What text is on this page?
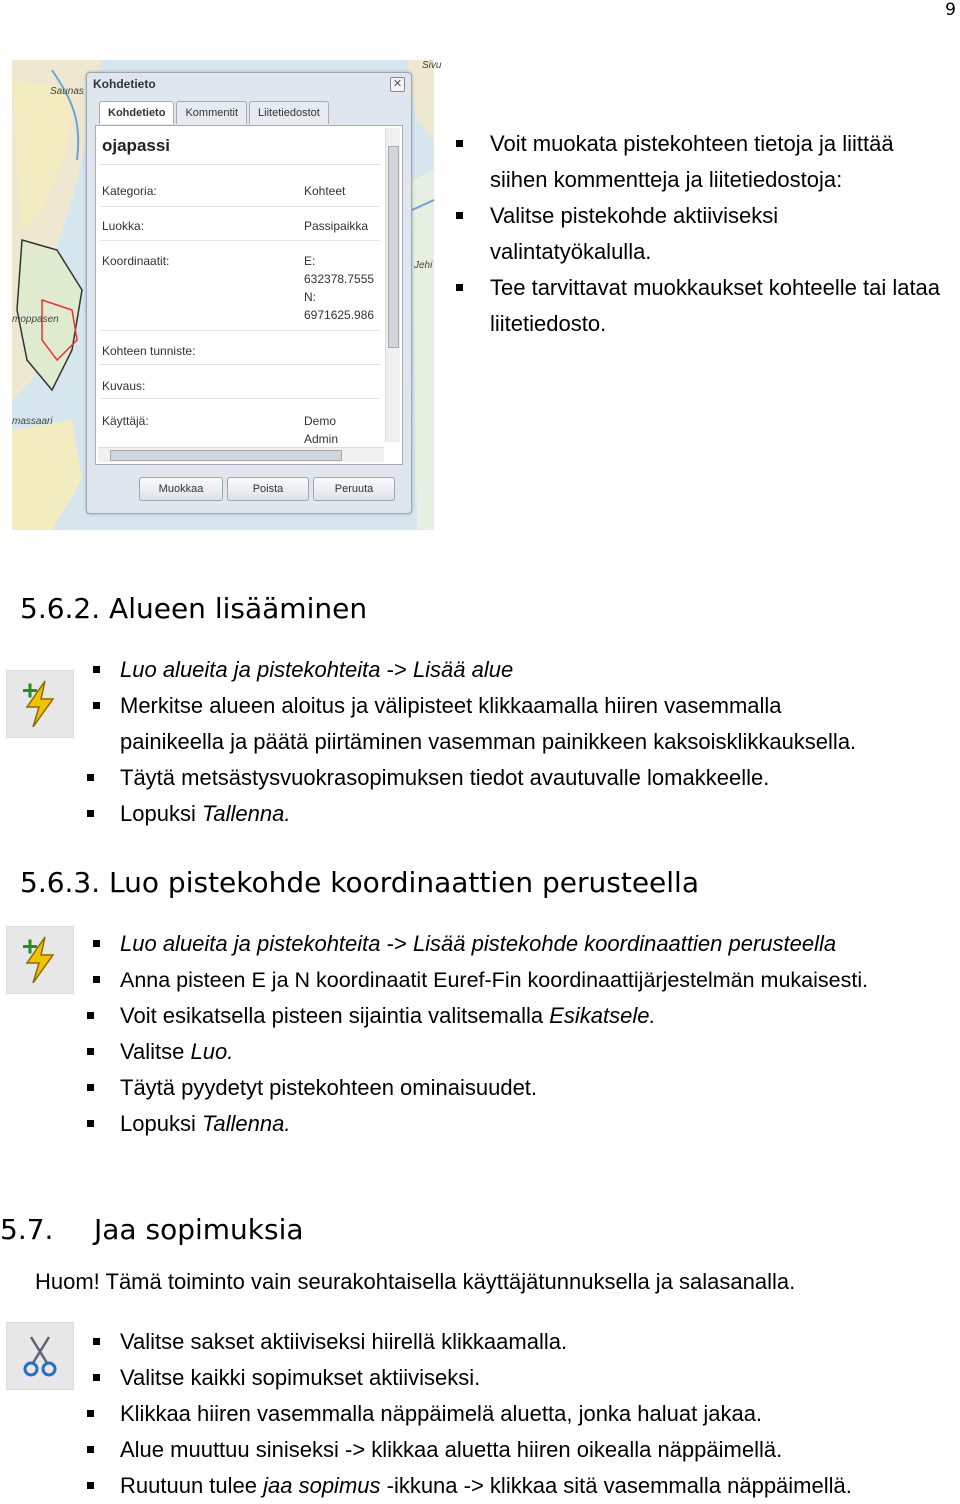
9
Saunas
moppasen
massaari
Jehi
Sivu
Kohdetieto	✕
Kohdetieto Kommentit Liitetiedostot
ojapassi
Kategoria:	Kohteet
Luokka:	Passipaikka
Koordinaatit:	E:
632378.7555
N:
6971625.986
Kohteen tunniste:
Kuvaus:
Käyttäjä:	Demo
Admin
Muokkaa	Poista	Peruuta
Voit muokata pistekohteen tietoja ja liittää siihen kommentteja ja liitetiedostoja:
Valitse pistekohde aktiiviseksi valintatyökalulla.
Tee tarvittavat muokkaukset kohteelle tai lataa liitetiedosto.
5.6.2. Alueen lisääminen
Luo alueita ja pistekohteita -> Lisää alue
Merkitse alueen aloitus ja välipisteet klikkaamalla hiiren vasemmalla
painikeella ja päätä piirtäminen vasemman painikkeen kaksoisklikkauksella.
Täytä metsästysvuokrasopimuksen tiedot avautuvalle lomakkeelle.
Lopuksi Tallenna.
5.6.3. Luo pistekohde koordinaattien perusteella
Luo alueita ja pistekohteita -> Lisää pistekohde koordinaattien perusteella
Anna pisteen E ja N koordinaatit Euref-Fin koordinaattijärjestelmän mukaisesti.
Voit esikatsella pisteen sijaintia valitsemalla Esikatsele.
Valitse Luo.
Täytä pyydetyt pistekohteen ominaisuudet.
Lopuksi Tallenna.
5.7. Jaa sopimuksia
Huom! Tämä toiminto vain seurakohtaisella käyttäjätunnuksella ja salasanalla.
Valitse sakset aktiiviseksi hiirellä klikkaamalla.
Valitse kaikki sopimukset aktiiviseksi.
Klikkaa hiiren vasemmalla näppäimelä aluetta, jonka haluat jakaa.
Alue muuttuu siniseksi -> klikkaa aluetta hiiren oikealla näppäimellä.
Ruutuun tulee jaa sopimus -ikkuna -> klikkaa sitä vasemmalla näppäimellä.
